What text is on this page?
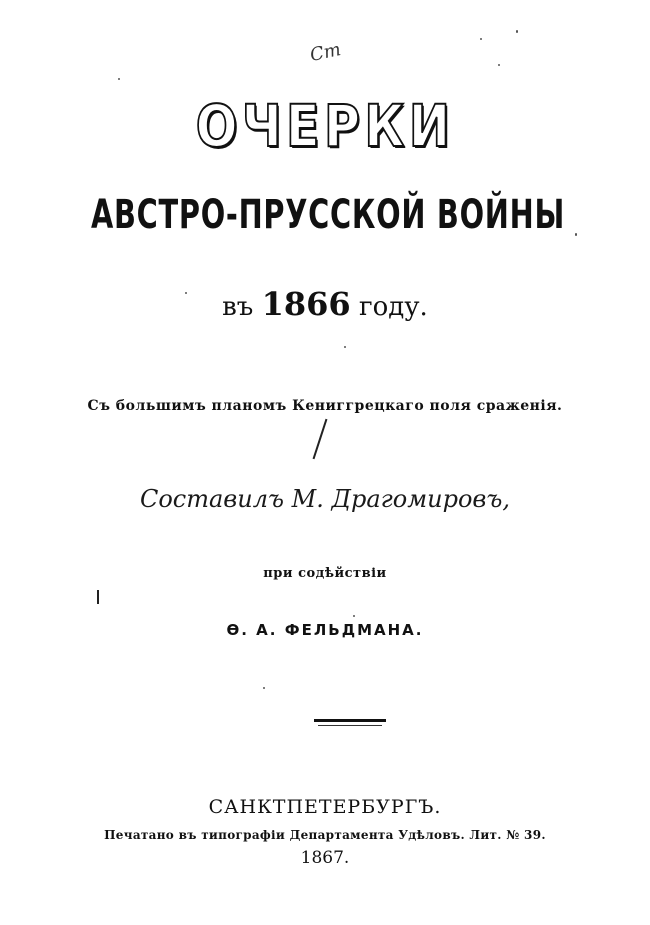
Cm
ОЧЕРКИ
АВСТРО-ПРУССКОЙ ВОЙНЫ
въ 1866 году.
Съ большимъ планомъ Кениггрецкаго поля сраженія.
Составилъ М. Драгомировъ,
при содѣйствіи
Ѳ. А. ФЕЛЬДМАНА.
САНКТПЕТЕРБУРГЪ.
Печатано въ типографіи Департамента Удѣловъ. Лит. № 39.
1867.
